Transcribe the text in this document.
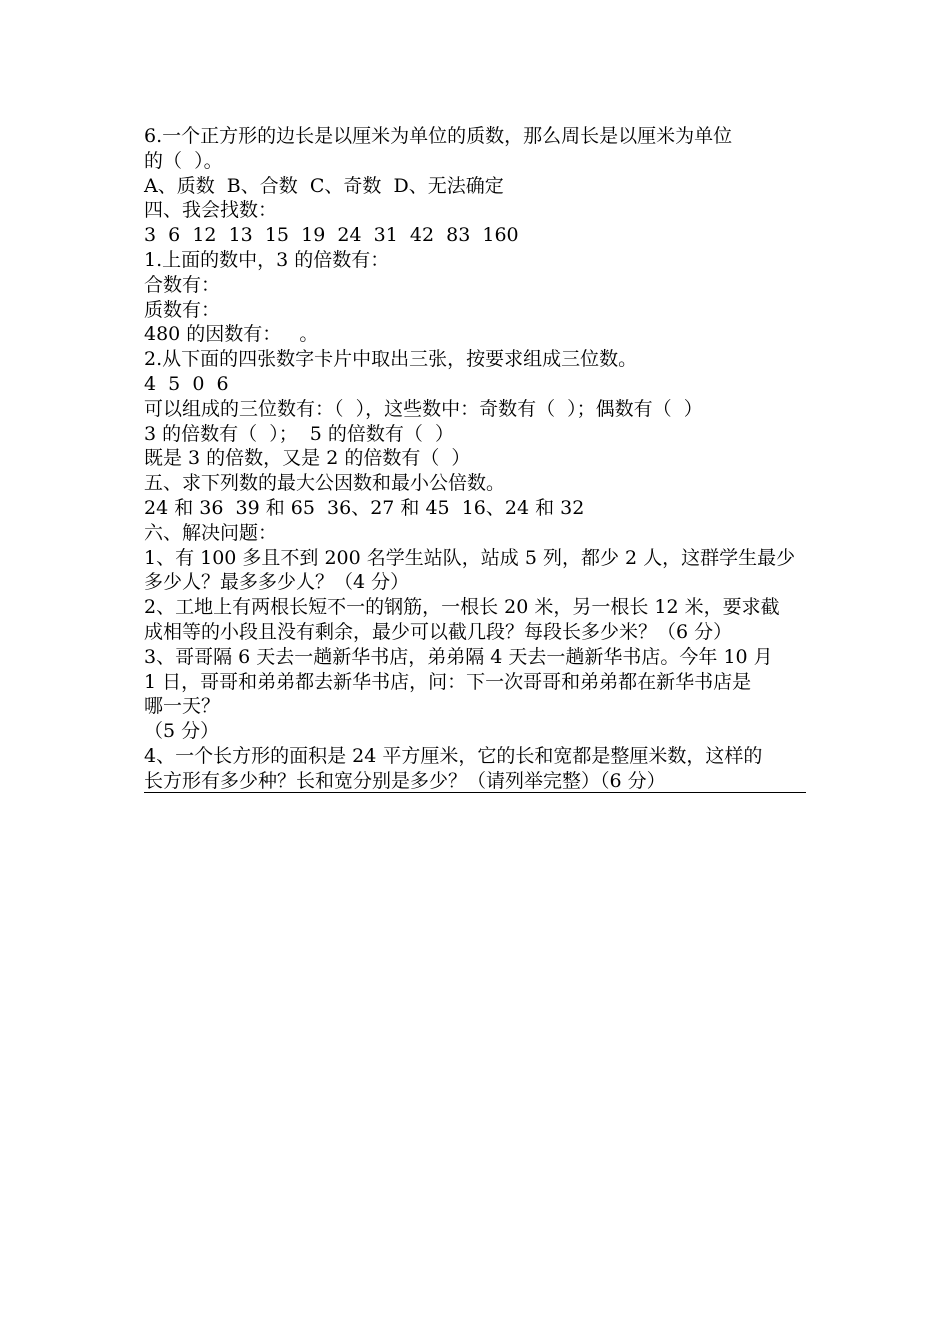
6.一个正方形的边长是以厘米为单位的质数，那么周长是以厘米为单位
的（  ）。
A、质数  B、合数  C、奇数  D、无法确定
四、我会找数：
3  6  12  13  15  19  24  31  42  83  160
1.上面的数中，3 的倍数有：
合数有：
质数有：
480 的因数有：   。
2.从下面的四张数字卡片中取出三张，按要求组成三位数。
4  5  0  6
可以组成的三位数有：（  ），这些数中：奇数有（  ）；偶数有（  ）
3 的倍数有（  ）；  5 的倍数有（  ）
既是 3 的倍数，又是 2 的倍数有（  ）
五、求下列数的最大公因数和最小公倍数。
24 和 36  39 和 65  36、27 和 45  16、24 和 32
六、解决问题：
1、有 100 多且不到 200 名学生站队，站成 5 列，都少 2 人，这群学生最少
多少人？最多多少人？（4 分）
2、工地上有两根长短不一的钢筋，一根长 20 米，另一根长 12 米，要求截
成相等的小段且没有剩余，最少可以截几段？每段长多少米？（6 分）
3、哥哥隔 6 天去一趟新华书店，弟弟隔 4 天去一趟新华书店。今年 10 月
1 日，哥哥和弟弟都去新华书店，问：下一次哥哥和弟弟都在新华书店是
哪一天？
（5 分）
4、一个长方形的面积是 24 平方厘米，它的长和宽都是整厘米数，这样的
长方形有多少种？长和宽分别是多少？（请列举完整）（6 分）
